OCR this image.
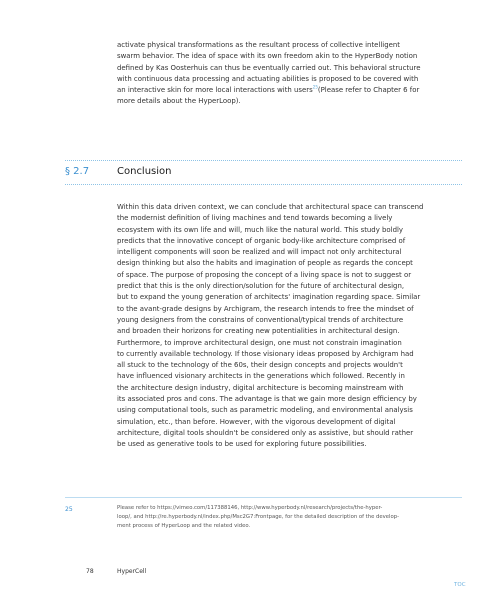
activate physical transformations as the resultant process of collective intelligent
swarm behavior. The idea of space with its own freedom akin to the HyperBody notion
defined by Kas Oosterhuis can thus be eventually carried out. This behavioral structure
with continuous data processing and actuating abilities is proposed to be covered with
an interactive skin for more local interactions with users$^{25}$(Please refer to Chapter 6 for
more details about the HyperLoop).
§ 2.7	Conclusion
Within this data driven context, we can conclude that architectural space can transcend
the modernist definition of living machines and tend towards becoming a lively
ecosystem with its own life and will, much like the natural world. This study boldly
predicts that the innovative concept of organic body-like architecture comprised of
intelligent components will soon be realized and will impact not only architectural
design thinking but also the habits and imagination of people as regards the concept
of space. The purpose of proposing the concept of a living space is not to suggest or
predict that this is the only direction/solution for the future of architectural design,
but to expand the young generation of architects' imagination regarding space. Similar
to the avant-grade designs by Archigram, the research intends to free the mindset of
young designers from the constrains of conventional/typical trends of architecture
and broaden their horizons for creating new potentialities in architectural design.
Furthermore, to improve architectural design, one must not constrain imagination
to currently available technology. If those visionary ideas proposed by Archigram had
all stuck to the technology of the 60s, their design concepts and projects wouldn't
have influenced visionary architects in the generations which followed. Recently in
the architecture design industry, digital architecture is becoming mainstream with
its associated pros and cons. The advantage is that we gain more design efficiency by
using computational tools, such as parametric modeling, and environmental analysis
simulation, etc., than before. However, with the vigorous development of digital
architecture, digital tools shouldn't be considered only as assistive, but should rather
be used as generative tools to be used for exploring future possibilities.
25	Please refer to https://vimeo.com/117388146, http://www.hyperbody.nl/research/projects/the-hyper-
loop/, and http://re.hyperbody.nl/index.php/Msc2G7:Frontpage, for the detailed description of the develop-
ment process of HyperLoop and the related video.
78	HyperCell
TOC
